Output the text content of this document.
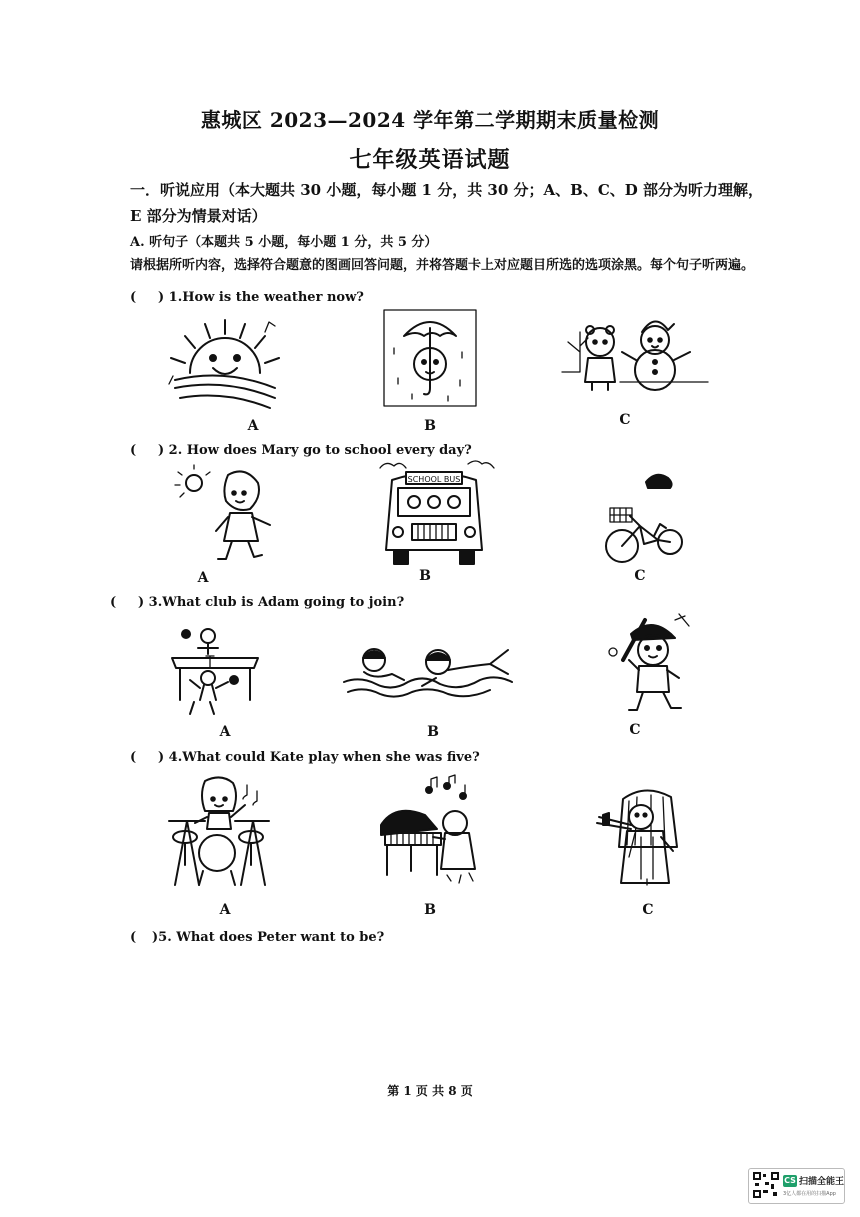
惠城区 2023—2024 学年第二学期期末质量检测
七年级英语试题
一．听说应用（本大题共 30 小题，每小题 1 分，共 30 分；A、B、C、D 部分为听力理解，E 部分为情景对话）
A. 听句子（本题共 5 小题，每小题 1 分，共 5 分）
请根据所听内容，选择符合题意的图画回答问题，并将答题卡上对应题目所选的选项涂黑。每个句子听两遍。
( ) 1.How is the weather now?
A	B	C
( ) 2. How does Mary go to school every day?
A
SCHOOL BUS
B	C
( ) 3.What club is Adam going to join?
A	B	C
( ) 4.What could Kate play when she was five?
A	B	C
( )5. What does Peter want to be?
第 1 页 共 8 页
CS 扫描全能王
3亿人都在用的扫描App
